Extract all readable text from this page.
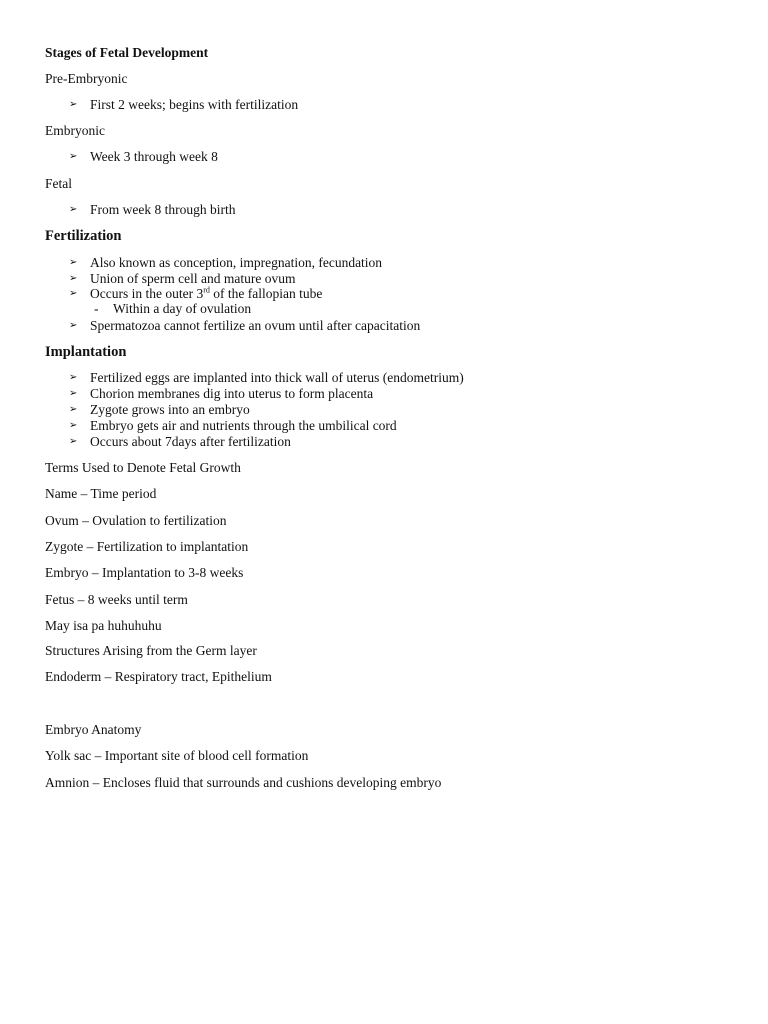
Stages of Fetal Development
Pre-Embryonic
➢ First 2 weeks; begins with fertilization
Embryonic
➢ Week 3 through week 8
Fetal
➢ From week 8 through birth
Fertilization
➢ Also known as conception, impregnation, fecundation
➢ Union of sperm cell and mature ovum
➢ Occurs in the outer 3rd of the fallopian tube
- Within a day of ovulation
➢ Spermatozoa cannot fertilize an ovum until after capacitation
Implantation
➢ Fertilized eggs are implanted into thick wall of uterus (endometrium)
➢ Chorion membranes dig into uterus to form placenta
➢ Zygote grows into an embryo
➢ Embryo gets air and nutrients through the umbilical cord
➢ Occurs about 7days after fertilization
Terms Used to Denote Fetal Growth
Name – Time period
Ovum – Ovulation to fertilization
Zygote – Fertilization to implantation
Embryo – Implantation to 3-8 weeks
Fetus – 8 weeks until term
May isa pa huhuhuhu
Structures Arising from the Germ layer
Endoderm – Respiratory tract, Epithelium
Embryo Anatomy
Yolk sac – Important site of blood cell formation
Amnion – Encloses fluid that surrounds and cushions developing embryo
